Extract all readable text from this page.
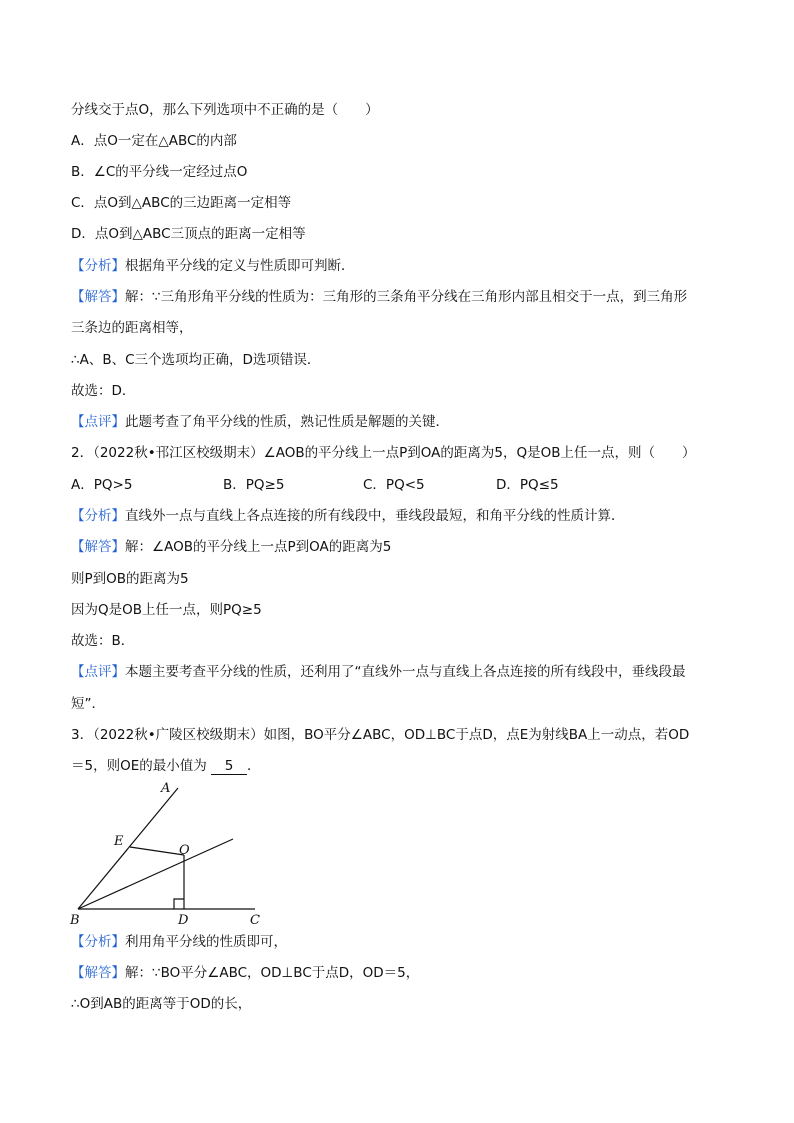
分线交于点O，那么下列选项中不正确的是（　　）
A．点O一定在△ABC的内部
B．∠C的平分线一定经过点O
C．点O到△ABC的三边距离一定相等
D．点O到△ABC三顶点的距离一定相等
【分析】根据角平分线的定义与性质即可判断．
【解答】解：∵三角形角平分线的性质为：三角形的三条角平分线在三角形内部且相交于一点，到三角形
三条边的距离相等，
∴A、B、C三个选项均正确，D选项错误．
故选：D．
【点评】此题考查了角平分线的性质，熟记性质是解题的关键．
2．（2022秋•邗江区校级期末）∠AOB的平分线上一点P到OA的距离为5，Q是OB上任一点，则（　　）
A．PQ>5	B．PQ≥5	C．PQ<5	D．PQ≤5
【分析】直线外一点与直线上各点连接的所有线段中，垂线段最短，和角平分线的性质计算．
【解答】解：∠AOB的平分线上一点P到OA的距离为5
则P到OB的距离为5
因为Q是OB上任一点，则PQ≥5
故选：B．
【点评】本题主要考查平分线的性质，还利用了“直线外一点与直线上各点连接的所有线段中，垂线段最
短”．
3．（2022秋•广陵区校级期末）如图，BO平分∠ABC，OD⊥BC于点D，点E为射线BA上一动点，若OD
＝5，则OE的最小值为 5 ．
A
E
O
B	D	C
【分析】利用角平分线的性质即可，
【解答】解：∵BO平分∠ABC，OD⊥BC于点D，OD＝5，
∴O到AB的距离等于OD的长，
